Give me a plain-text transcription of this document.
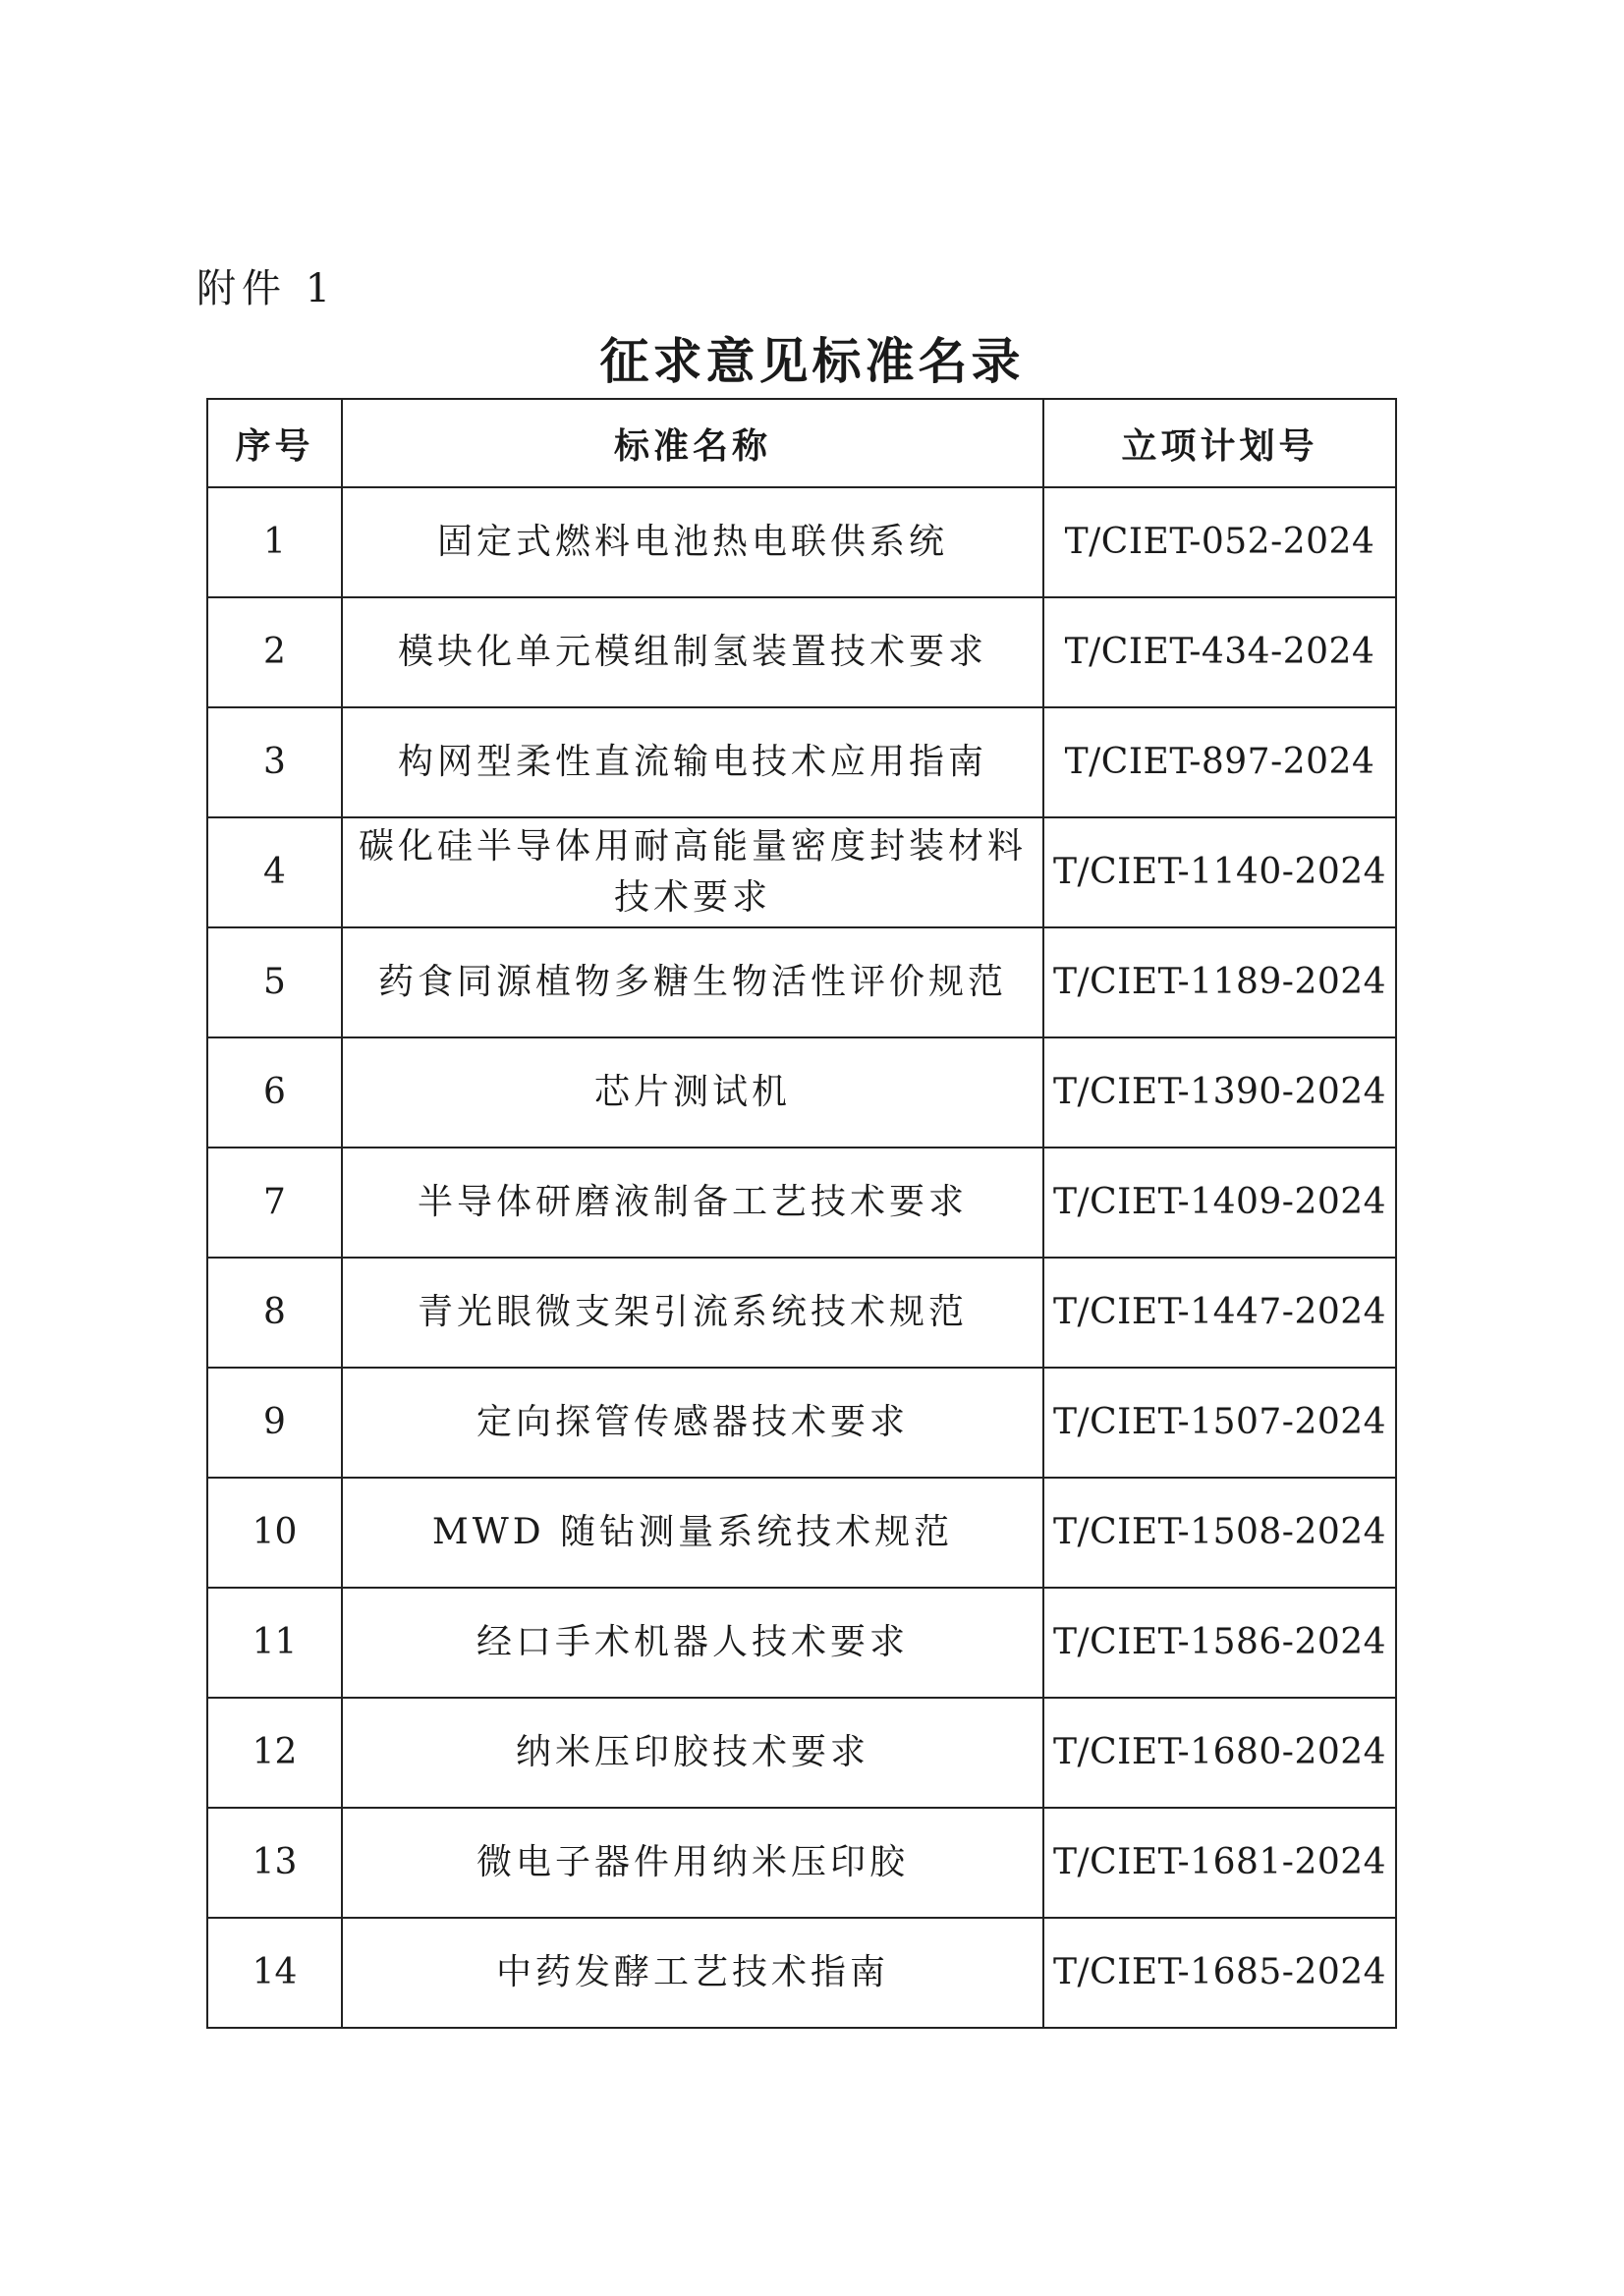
附件 1
征求意见标准名录
序号	标准名称	立项计划号
1	固定式燃料电池热电联供系统	T/CIET-052-2024
2	模块化单元模组制氢装置技术要求	T/CIET-434-2024
3	构网型柔性直流输电技术应用指南	T/CIET-897-2024
4	碳化硅半导体用耐高能量密度封装材料技术要求	T/CIET-1140-2024
5	药食同源植物多糖生物活性评价规范	T/CIET-1189-2024
6	芯片测试机	T/CIET-1390-2024
7	半导体研磨液制备工艺技术要求	T/CIET-1409-2024
8	青光眼微支架引流系统技术规范	T/CIET-1447-2024
9	定向探管传感器技术要求	T/CIET-1507-2024
10	MWD 随钻测量系统技术规范	T/CIET-1508-2024
11	经口手术机器人技术要求	T/CIET-1586-2024
12	纳米压印胶技术要求	T/CIET-1680-2024
13	微电子器件用纳米压印胶	T/CIET-1681-2024
14	中药发酵工艺技术指南	T/CIET-1685-2024
